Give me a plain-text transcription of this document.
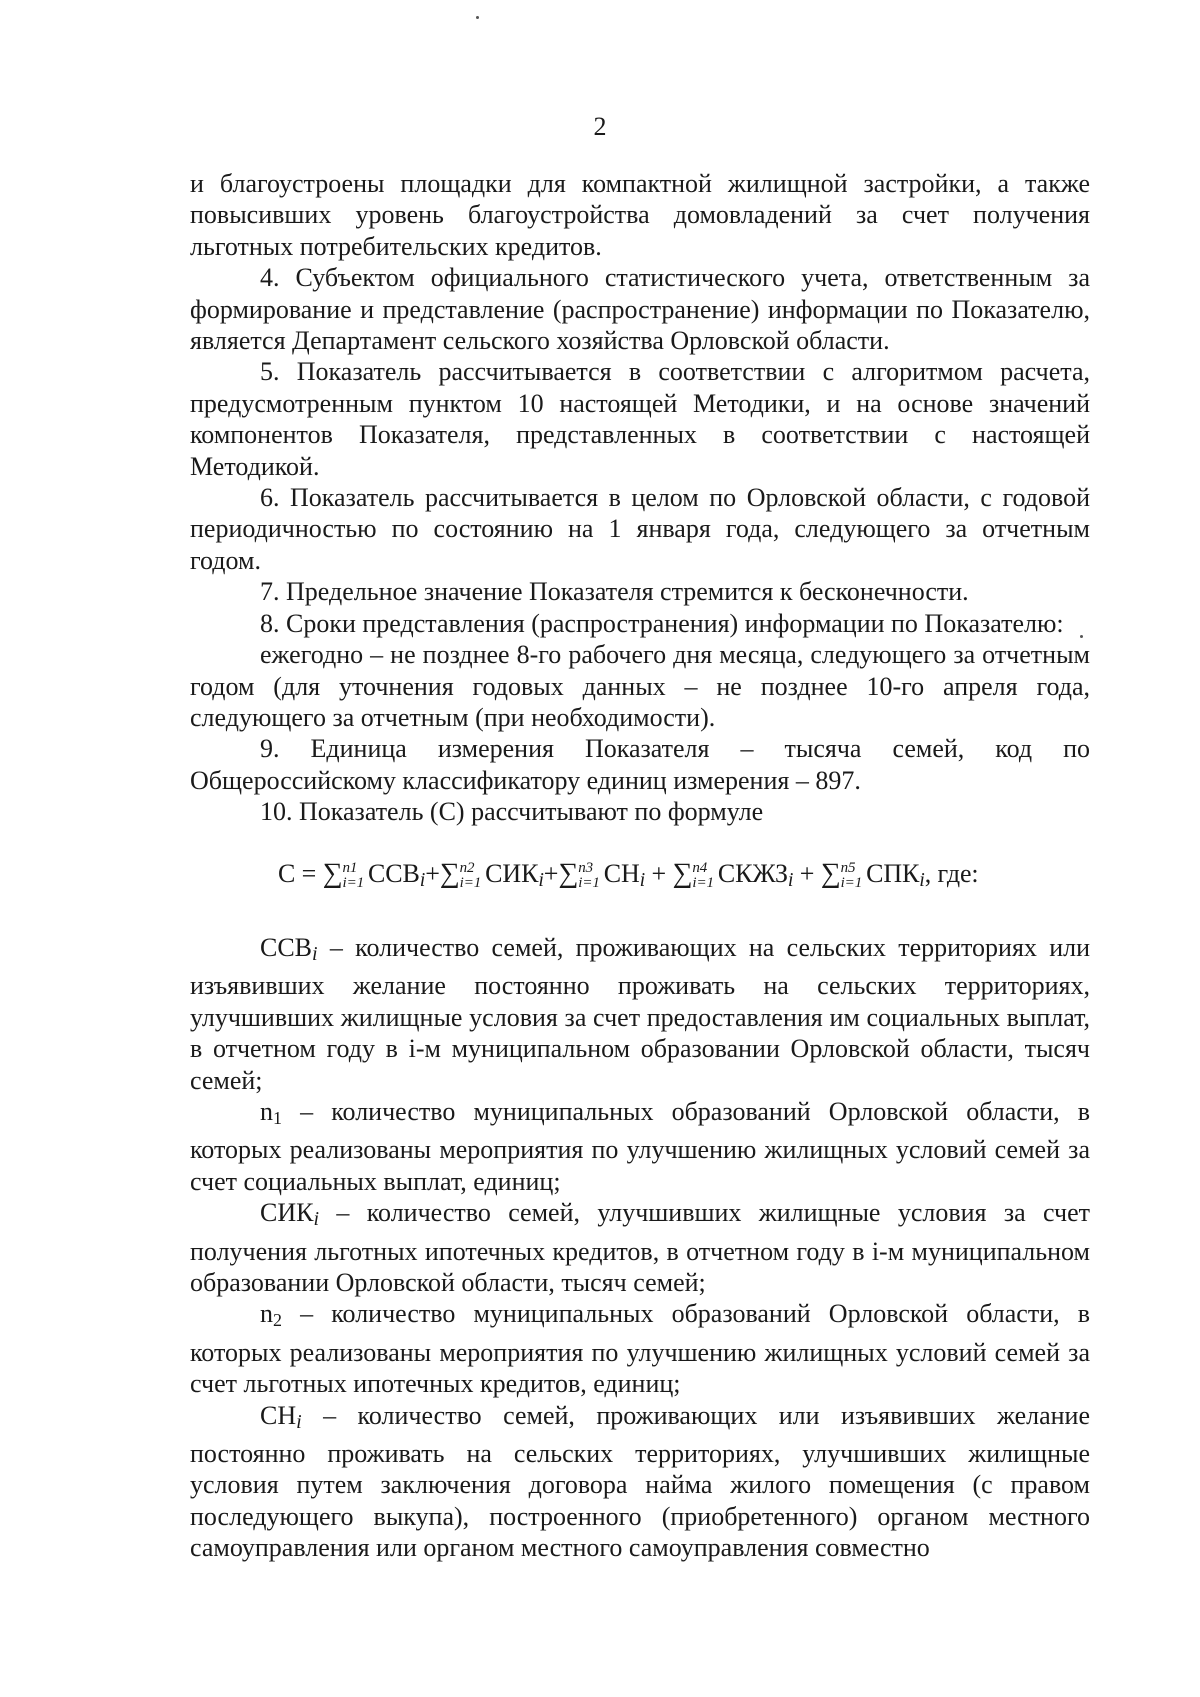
2

и благоустроены площадки для компактной жилищной застройки, а также повысивших уровень благоустройства домовладений за счет получения льготных потребительских кредитов.

4. Субъектом официального статистического учета, ответственным за формирование и представление (распространение) информации по Показателю, является Департамент сельского хозяйства Орловской области.

5. Показатель рассчитывается в соответствии с алгоритмом расчета, предусмотренным пунктом 10 настоящей Методики, и на основе значений компонентов Показателя, представленных в соответствии с настоящей Методикой.

6. Показатель рассчитывается в целом по Орловской области, с годовой периодичностью по состоянию на 1 января года, следующего за отчетным годом.

7. Предельное значение Показателя стремится к бесконечности.

8. Сроки представления (распространения) информации по Показателю:

ежегодно – не позднее 8-го рабочего дня месяца, следующего за отчетным годом (для уточнения годовых данных – не позднее 10-го апреля года, следующего за отчетным (при необходимости).

9. Единица измерения Показателя – тысяча семей, код по Общероссийскому классификатору единиц измерения – 897.

10. Показатель (С) рассчитывают по формуле

С = ∑ n1
i=1 $ССВ_i+\sum$ n2
i=1 $СИК_i+\sum$ n3
i=1 $СН_i$ + ∑ n4
i=1 $СКЖЗ_i$ + ∑ n5
i=1 $СПК_i$, где:

$ССВ_i$ – количество семей, проживающих на сельских территориях или изъявивших желание постоянно проживать на сельских территориях, улучшивших жилищные условия за счет предоставления им социальных выплат, в отчетном году в i-м муниципальном образовании Орловской области, тысяч семей;

$n_1$ – количество муниципальных образований Орловской области, в которых реализованы мероприятия по улучшению жилищных условий семей за счет социальных выплат, единиц;

$СИК_i$ – количество семей, улучшивших жилищные условия за счет получения льготных ипотечных кредитов, в отчетном году в i-м муниципальном образовании Орловской области, тысяч семей;

$n_2$ – количество муниципальных образований Орловской области, в которых реализованы мероприятия по улучшению жилищных условий семей за счет льготных ипотечных кредитов, единиц;

$СН_i$ – количество семей, проживающих или изъявивших желание постоянно проживать на сельских территориях, улучшивших жилищные условия путем заключения договора найма жилого помещения (с правом последующего выкупа), построенного (приобретенного) органом местного самоуправления или органом местного самоуправления совместно
